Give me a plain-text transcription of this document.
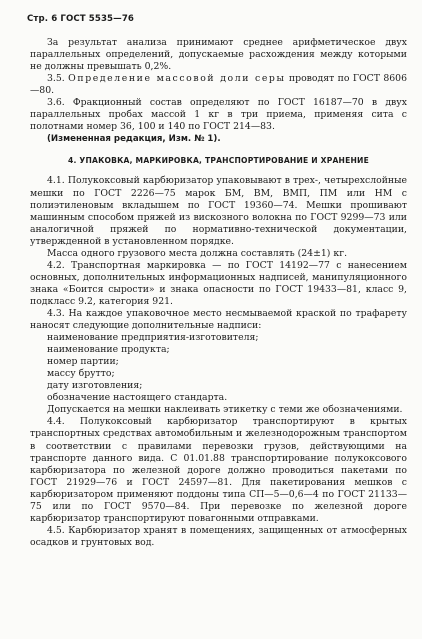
Стр. 6 ГОСТ 5535—76

За результат анализа принимают среднее арифметическое двух параллельных определений, допускаемые расхождения между которыми не должны превышать 0,2%.

3.5. Определение массовой доли серы проводят по ГОСТ 8606—80.

3.6. Фракционный состав определяют по ГОСТ 16187—70 в двух параллельных пробах массой 1 кг в три приема, применяя сита с полотнами номер 36, 100 и 140 по ГОСТ 214—83.

(Измененная редакция, Изм. № 1).

4. УПАКОВКА, МАРКИРОВКА, ТРАНСПОРТИРОВАНИЕ И ХРАНЕНИЕ

4.1. Полукоксовый карбюризатор упаковывают в трех-, четырехслойные мешки по ГОСТ 2226—75 марок БМ, ВМ, ВМП, ПМ или НМ с полиэтиленовым вкладышем по ГОСТ 19360—74. Мешки прошивают машинным способом пряжей из вискозного волокна по ГОСТ 9299—73 или аналогичной пряжей по нормативно-технической документации, утвержденной в установленном порядке.

Масса одного грузового места должна составлять (24±1) кг.

4.2. Транспортная маркировка — по ГОСТ 14192—77 с нанесением основных, дополнительных информационных надписей, манипуляционного знака «Боится сырости» и знака опасности по ГОСТ 19433—81, класс 9, подкласс 9.2, категория 921.

4.3. На каждое упаковочное место несмываемой краской по трафарету наносят следующие дополнительные надписи:

наименование предприятия-изготовителя;

наименование продукта;

номер партии;

массу брутто;

дату изготовления;

обозначение настоящего стандарта.

Допускается на мешки наклеивать этикетку с теми же обозначениями.

4.4. Полукоксовый карбюризатор транспортируют в крытых транспортных средствах автомобильным и железнодорожным транспортом в соответствии с правилами перевозки грузов, действующими на транспорте данного вида. С 01.01.88 транспортирование полукоксового карбюризатора по железной дороге должно проводиться пакетами по ГОСТ 21929—76 и ГОСТ 24597—81. Для пакетирования мешков с карбюризатором применяют поддоны типа СП—5—0,6—4 по ГОСТ 21133—75 или по ГОСТ 9570—84. При перевозке по железной дороге карбюризатор транспортируют повагонными отправками.

4.5. Карбюризатор хранят в помещениях, защищенных от атмосферных осадков и грунтовых вод.
